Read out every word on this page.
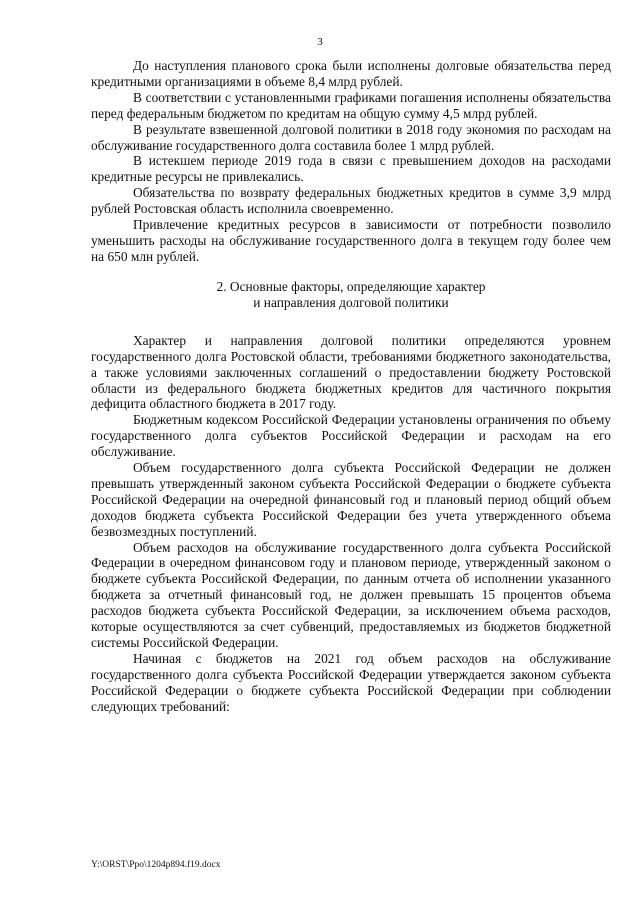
3

До наступления планового срока были исполнены долговые обязательства перед кредитными организациями в объеме 8,4 млрд рублей.

В соответствии с установленными графиками погашения исполнены обязательства перед федеральным бюджетом по кредитам на общую сумму 4,5 млрд рублей.

В результате взвешенной долговой политики в 2018 году экономия по расходам на обслуживание государственного долга составила более 1 млрд рублей.

В истекшем периоде 2019 года в связи с превышением доходов на расходами кредитные ресурсы не привлекались.

Обязательства по возврату федеральных бюджетных кредитов в сумме 3,9 млрд рублей Ростовская область исполнила своевременно.

Привлечение кредитных ресурсов в зависимости от потребности позволило уменьшить расходы на обслуживание государственного долга в текущем году более чем на 650 млн рублей.

2. Основные факторы, определяющие характер

и направления долговой политики

Характер и направления долговой политики определяются уровнем государственного долга Ростовской области, требованиями бюджетного законодательства, а также условиями заключенных соглашений о предоставлении бюджету Ростовской области из федерального бюджета бюджетных кредитов для частичного покрытия дефицита областного бюджета в 2017 году.

Бюджетным кодексом Российской Федерации установлены ограничения по объему государственного долга субъектов Российской Федерации и расходам на его обслуживание.

Объем государственного долга субъекта Российской Федерации не должен превышать утвержденный законом субъекта Российской Федерации о бюджете субъекта Российской Федерации на очередной финансовый год и плановый период общий объем доходов бюджета субъекта Российской Федерации без учета утвержденного объема безвозмездных поступлений.

Объем расходов на обслуживание государственного долга субъекта Российской Федерации в очередном финансовом году и плановом периоде, утвержденный законом о бюджете субъекта Российской Федерации, по данным отчета об исполнении указанного бюджета за отчетный финансовый год, не должен превышать 15 процентов объема расходов бюджета субъекта Российской Федерации, за исключением объема расходов, которые осуществляются за счет субвенций, предоставляемых из бюджетов бюджетной системы Российской Федерации.

Начиная с бюджетов на 2021 год объем расходов на обслуживание государственного долга субъекта Российской Федерации утверждается законом субъекта Российской Федерации о бюджете субъекта Российской Федерации при соблюдении следующих требований:

Y:\ORST\Ppo\1204p894.f19.docx
